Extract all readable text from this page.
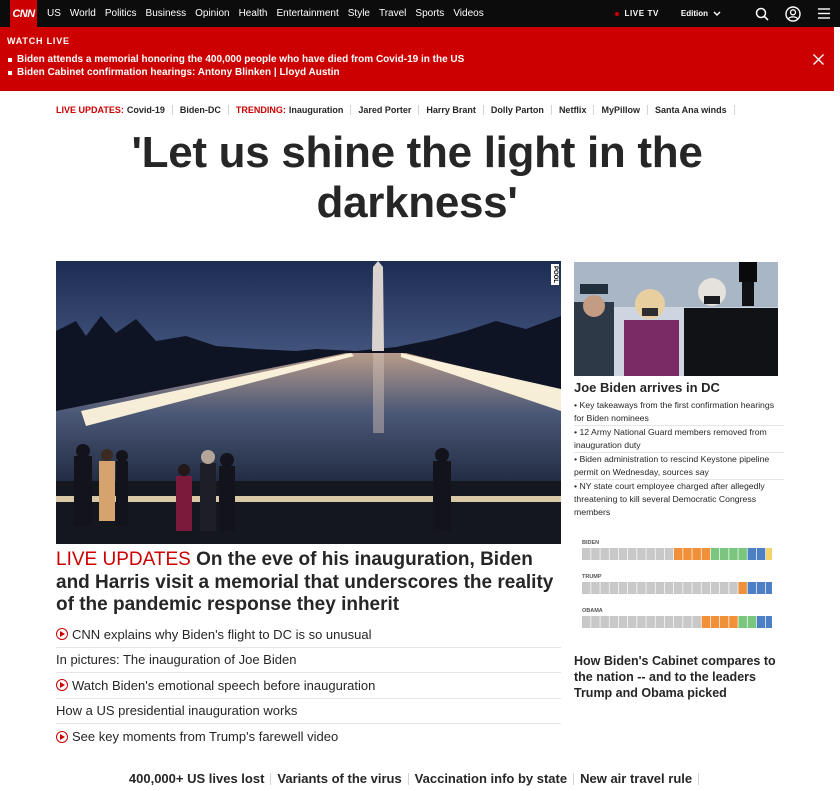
CNN US World Politics Business Opinion Health Entertainment Style Travel Sports Videos	LIVE TV	Edition
WATCH LIVE
Biden attends a memorial honoring the 400,000 people who have died from Covid-19 in the US
Biden Cabinet confirmation hearings: Antony Blinken | Lloyd Austin
LIVE UPDATES: Covid-19 Biden-DC TRENDING: Inauguration Jared Porter Harry Brant Dolly Parton Netflix MyPillow Santa Ana winds
'Let us shine the light in the
darkness'
POOL
LIVE UPDATES On the eve of his inauguration, Biden and Harris visit a memorial that underscores the reality of the pandemic response they inherit
CNN explains why Biden's flight to DC is so unusual
In pictures: The inauguration of Joe Biden
Watch Biden's emotional speech before inauguration
How a US presidential inauguration works
See key moments from Trump's farewell video
Joe Biden arrives in DC
• Key takeaways from the first confirmation hearings for Biden nominees
• 12 Army National Guard members removed from inauguration duty
• Biden administration to rescind Keystone pipeline permit on Wednesday, sources say
• NY state court employee charged after allegedly threatening to kill several Democratic Congress members
BIDEN
TRUMP
OBAMA
How Biden's Cabinet compares to the nation -- and to the leaders Trump and Obama picked
400,000+ US lives lost Variants of the virus Vaccination info by state New air travel rule
